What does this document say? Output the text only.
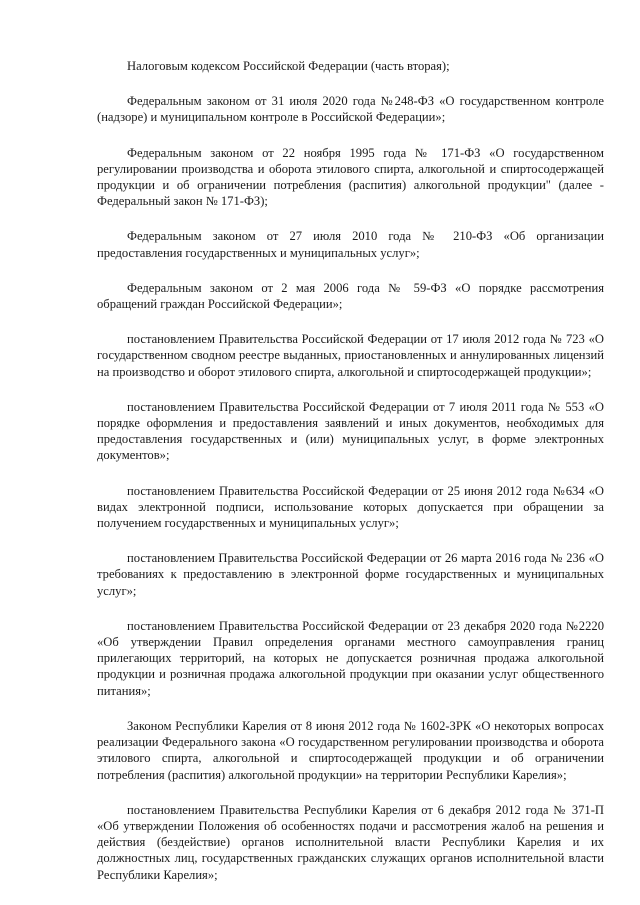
Налоговым кодексом Российской Федерации (часть вторая);

Федеральным законом от 31 июля 2020 года №248-ФЗ «О государственном контроле (надзоре) и муниципальном контроле в Российской Федерации»;

Федеральным законом от 22 ноября 1995 года № 171-ФЗ «О государственном регулировании производства и оборота этилового спирта, алкогольной и спиртосодержащей продукции и об ограничении потребления (распития) алкогольной продукции" (далее - Федеральный закон № 171-ФЗ);

Федеральным законом от 27 июля 2010 года № 210-ФЗ «Об организации предоставления государственных и муниципальных услуг»;

Федеральным законом от 2 мая 2006 года № 59-ФЗ «О порядке рассмотрения обращений граждан Российской Федерации»;

постановлением Правительства Российской Федерации от 17 июля 2012 года № 723 «О государственном сводном реестре выданных, приостановленных и аннулированных лицензий на производство и оборот этилового спирта, алкогольной и спиртосодержащей продукции»;

постановлением Правительства Российской Федерации от 7 июля 2011 года № 553 «О порядке оформления и предоставления заявлений и иных документов, необходимых для предоставления государственных и (или) муниципальных услуг, в форме электронных документов»;

постановлением Правительства Российской Федерации от 25 июня 2012 года №634 «О видах электронной подписи, использование которых допускается при обращении за получением государственных и муниципальных услуг»;

постановлением Правительства Российской Федерации от 26 марта 2016 года № 236 «О требованиях к предоставлению в электронной форме государственных и муниципальных услуг»;

постановлением Правительства Российской Федерации от 23 декабря 2020 года №2220 «Об утверждении Правил определения органами местного самоуправления границ прилегающих территорий, на которых не допускается розничная продажа алкогольной продукции и розничная продажа алкогольной продукции при оказании услуг общественного питания»;

Законом Республики Карелия от 8 июня 2012 года № 1602-ЗРК «О некоторых вопросах реализации Федерального закона «О государственном регулировании производства и оборота этилового спирта, алкогольной и спиртосодержащей продукции и об ограничении потребления (распития) алкогольной продукции» на территории Республики Карелия»;

постановлением Правительства Республики Карелия от 6 декабря 2012 года № 371-П «Об утверждении Положения об особенностях подачи и рассмотрения жалоб на решения и действия (бездействие) органов исполнительной власти Республики Карелия и их должностных лиц, государственных гражданских служащих органов исполнительной власти Республики Карелия»;
